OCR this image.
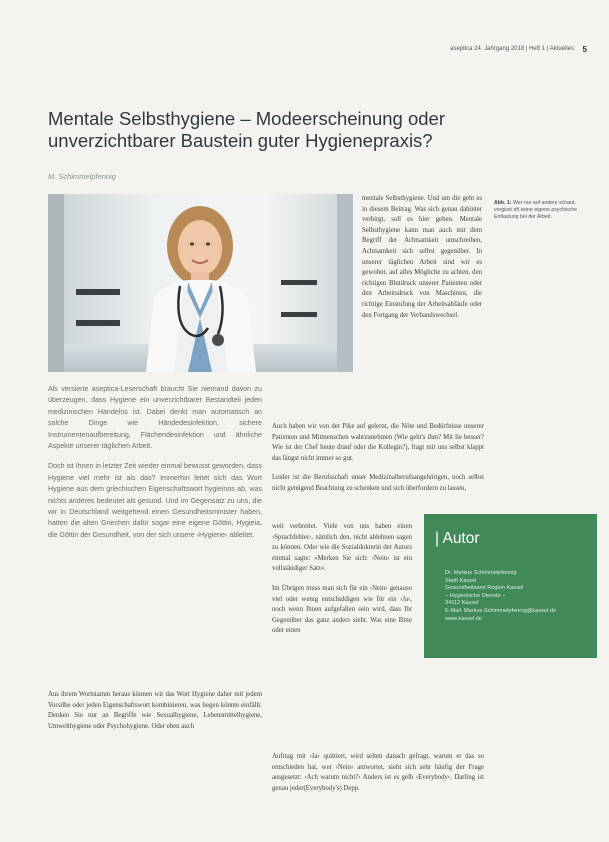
aseptica 24. Jahrgang 2018 | Heft 1 | Aktuelles 5
Mentale Selbsthygiene – Modeerscheinung oder unverzichtbarer Baustein guter Hygienepraxis?
M. Schimmelpfennig
Abb. 1: Wer nur auf andere schaut, vergisst oft seine eigene psychische Entlastung bei der Arbeit.

Als versierte aseptica-Leserschaft braucht Sie niemand davon zu überzeugen, dass Hygiene ein unverzichtbarer Bestandteil jeden medizinischen Handelns ist. Dabei denkt man automatisch an solche Dinge wie Händedesinfektion, sichere Instrumentenaufbereitung, Flächendesinfektion und ähnliche Aspekte unserer täglichen Arbeit.

Doch ist Ihnen in letzter Zeit wieder einmal bewusst geworden, dass Hygiene viel mehr ist als das? Immerhin leitet sich das Wort Hygiene aus dem griechischen Eigenschaftswort hygieinos ab, was nichts anderes bedeutet als gesund. Und im Gegensatz zu uns, die wir in Deutschland weitgehend einen Gesundheitsminister haben, hatten die alten Griechen dafür sogar eine eigene Göttin, Hygieia, die Göttin der Gesundheit, von der sich unsere ›Hygiene‹ ableitet.

Aus ihrem Wortstamm heraus können wir das Wort Hygiene daher mit jedem Vorsilbe oder jeden Eigenschaftswort kombinieren, was liegen könnte einfällt. Denken Sie nur an Begriffe wie Sexualhygiene, Lebensmittelhygiene, Umwelthygiene oder Psychohygiene. Oder eben auch

mentale Selbsthygiene. Und um die geht es in diesem Beitrag. Was sich genau dahinter verbirgt, soll es hier gehen. Mentale Selbsthygiene kann man auch mit dem Begriff der Achtsamkeit umschreiben, Achtsamkeit sich selbst gegenüber. In unserer täglichen Arbeit sind wir es gewohnt, auf alles Mögliche zu achten, den richtigen Blutdruck unserer Patienten oder den Arbeitsdruck von Maschinen, die richtige Einstufung der Arbeitsabläufe oder den Fortgang der Verbandswechsel.

Auch haben wir von der Pike auf gelernt, die Nöte und Bedürfnisse unserer Patienten und Mitmenschen wahrzunehmen (Wie geht's ihm? Mit lie besser? Wie ist der Chef heute drauf oder die Kollegin?), fragt mit uns selbst klappt das längst nicht immer so gut.

Leider ist die Berufsschaft unser Medizinalberufsangehörigen, noch selbst nicht genügend Beachtung zu schenken und sich überfordern zu lassen,

weit verbreitet. Viele von uns haben einen ›Sprachfehler‹, nämlich den, nicht ablehnen sagen zu können. Oder wie die Sozialdokterin der Autors einmal sagte: »Merken Sie sich: ›Nein‹ ist ein vollständiger Satz«.

Im Übrigen muss man sich für ein ›Nein‹ genauso viel oder wenig entschuldigen wie für ein ›Ja‹, noch wenn Ihnen aufgefallen sein wird, dass Ihr Gegenüber das ganz anders sieht. Was eine Bitte oder einen

Auftrag mit ›Ja‹ quittiert, wird selten danach gefragt, warum er das so entschieden hat, wer ›Nein‹ antwortet, sieht sich sehr häufig der Frage ausgesetzt: ›Ach warum nicht?‹ Anders ist es gelb ›Everybody‹. Darling ist genau jeder(Everybody's) Depp.

| Autor
Dr. Markus Schimmelpfennig
Stadt Kassel
Gesundheitsamt Region Kassel
– Hygienische Dienste –
34112 Kassel
E-Mail: Markus.Schimmelpfennig@kassel.de
www.kassel.de
